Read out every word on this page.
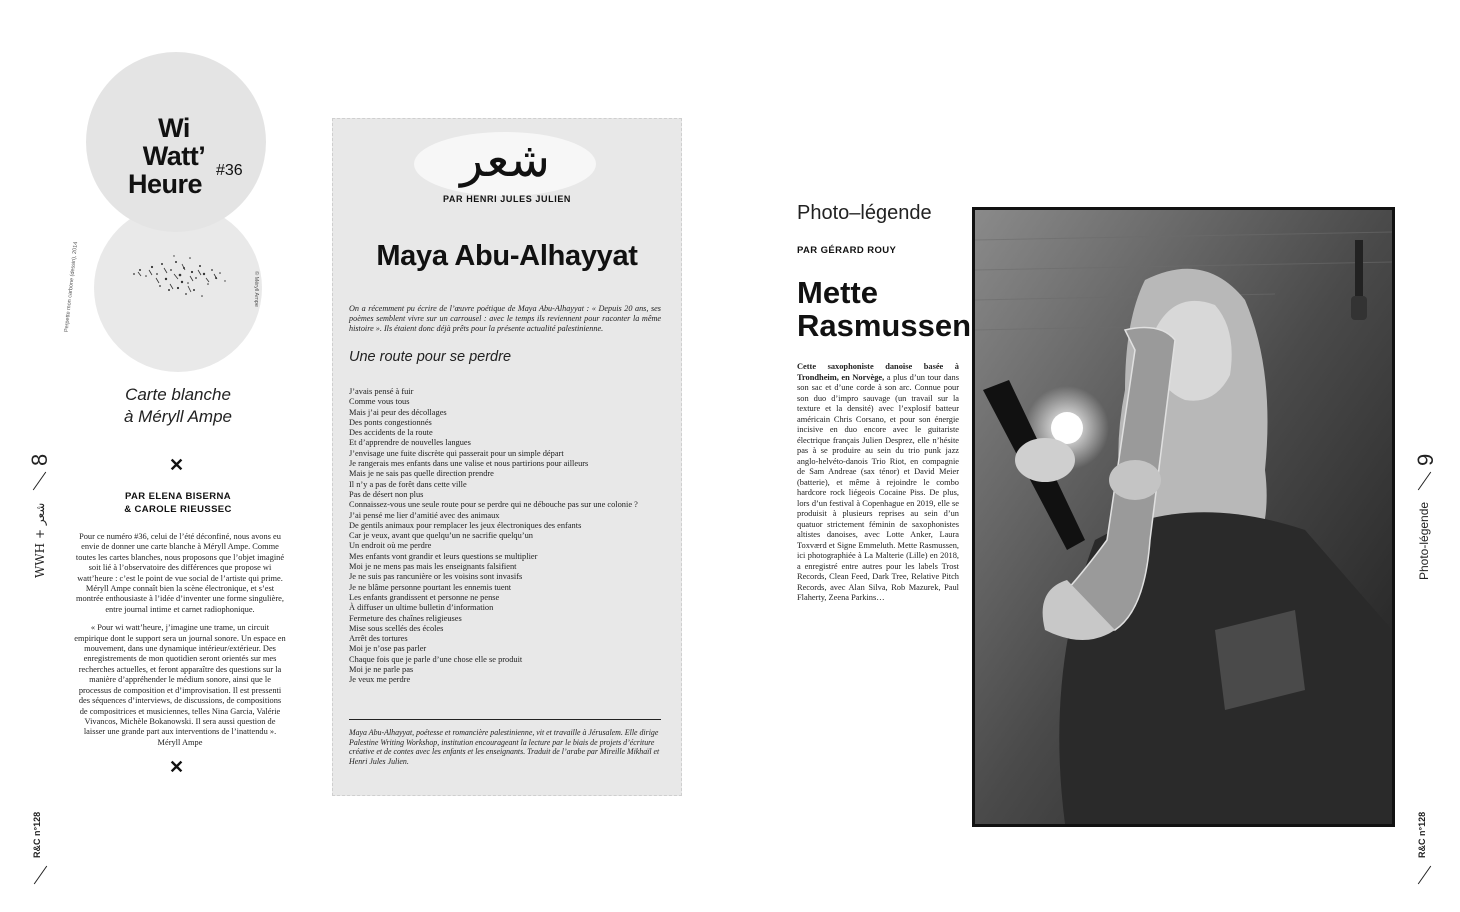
8
WWH + شعر
R&C n°128
9
Photo-légende
R&C n°128
Wi
Watt’
Heure #36
Perpette mon carbone (dessin), 2014	© Méryll Ampe
Carte blanche
à Méryll Ampe
✕
PAR ELENA BISERNA
& CAROLE RIEUSSEC

Pour ce numéro #36, celui de l’été déconfiné, nous avons eu envie de donner une carte blanche à Méryll Ampe. Comme toutes les cartes blanches, nous proposons que l’objet imaginé soit lié à l’observatoire des différences que propose wi watt’heure : c’est le point de vue social de l’artiste qui prime. Méryll Ampe connaît bien la scène électronique, et s’est montrée enthousiaste à l’idée d’inventer une forme singulière, entre journal intime et carnet radiophonique.

« Pour wi watt’heure, j’imagine une trame, un circuit empirique dont le support sera un journal sonore. Un espace en mouvement, dans une dynamique intérieur/extérieur. Des enregistrements de mon quotidien seront orientés sur mes recherches actuelles, et feront apparaître des questions sur la manière d’appréhender le médium sonore, ainsi que le processus de composition et d’improvisation. Il est pressenti des séquences d’interviews, de discussions, de compositions de compositrices et musiciennes, telles Nina Garcia, Valérie Vivancos, Michèle Bokanowski. Il sera aussi question de laisser une grande part aux interventions de l’inattendu ».

Méryll Ampe
✕
شعر
PAR HENRI JULES JULIEN
Maya Abu-Alhayyat
On a récemment pu écrire de l’œuvre poétique de Maya Abu-Alhayyat : « Depuis 20 ans, ses poèmes semblent vivre sur un carrousel : avec le temps ils reviennent pour raconter la même histoire ». Ils étaient donc déjà prêts pour la présente actualité palestinienne.
Une route pour se perdre
J’avais pensé à fuir
Comme vous tous
Mais j’ai peur des décollages
Des ponts congestionnés
Des accidents de la route
Et d’apprendre de nouvelles langues
J’envisage une fuite discrète qui passerait pour un simple départ
Je rangerais mes enfants dans une valise et nous partirions pour ailleurs
Mais je ne sais pas quelle direction prendre
Il n’y a pas de forêt dans cette ville
Pas de désert non plus
Connaissez-vous une seule route pour se perdre qui ne débouche pas sur une colonie ?
J’ai pensé me lier d’amitié avec des animaux
De gentils animaux pour remplacer les jeux électroniques des enfants
Car je veux, avant que quelqu’un ne sacrifie quelqu’un
Un endroit où me perdre
Mes enfants vont grandir et leurs questions se multiplier
Moi je ne mens pas mais les enseignants falsifient
Je ne suis pas rancunière or les voisins sont invasifs
Je ne blâme personne pourtant les ennemis tuent
Les enfants grandissent et personne ne pense
À diffuser un ultime bulletin d’information
Fermeture des chaînes religieuses
Mise sous scellés des écoles
Arrêt des tortures
Moi je n’ose pas parler
Chaque fois que je parle d’une chose elle se produit
Moi je ne parle pas
Je veux me perdre
Maya Abu-Alhayyat, poétesse et romancière palestinienne, vit et travaille à Jérusalem. Elle dirige Palestine Writing Workshop, institution encourageant la lecture par le biais de projets d’écriture créative et de contes avec les enfants et les enseignants. Traduit de l’arabe par Mireille Mikhaïl et Henri Jules Julien.
Photo–légende
PAR GÉRARD ROUY
Mette
Rasmussen
Cette saxophoniste danoise basée à Trondheim, en Norvège, a plus d’un tour dans son sac et d’une corde à son arc. Connue pour son duo d’impro sauvage (un travail sur la texture et la densité) avec l’explosif batteur américain Chris Corsano, et pour son énergie incisive en duo encore avec le guitariste électrique français Julien Desprez, elle n’hésite pas à se produire au sein du trio punk jazz anglo-helvéto-danois Trio Riot, en compagnie de Sam Andreae (sax ténor) et David Meier (batterie), et même à rejoindre le combo hardcore rock liégeois Cocaine Piss. De plus, lors d’un festival à Copenhague en 2019, elle se produisit à plusieurs reprises au sein d’un quatuor strictement féminin de saxophonistes altistes danoises, avec Lotte Anker, Laura Toxværd et Signe Emmeluth. Mette Rasmussen, ici photographiée à La Malterie (Lille) en 2018, a enregistré entre autres pour les labels Trost Records, Clean Feed, Dark Tree, Relative Pitch Records, avec Alan Silva, Rob Mazurek, Paul Flaherty, Zeena Parkins…
